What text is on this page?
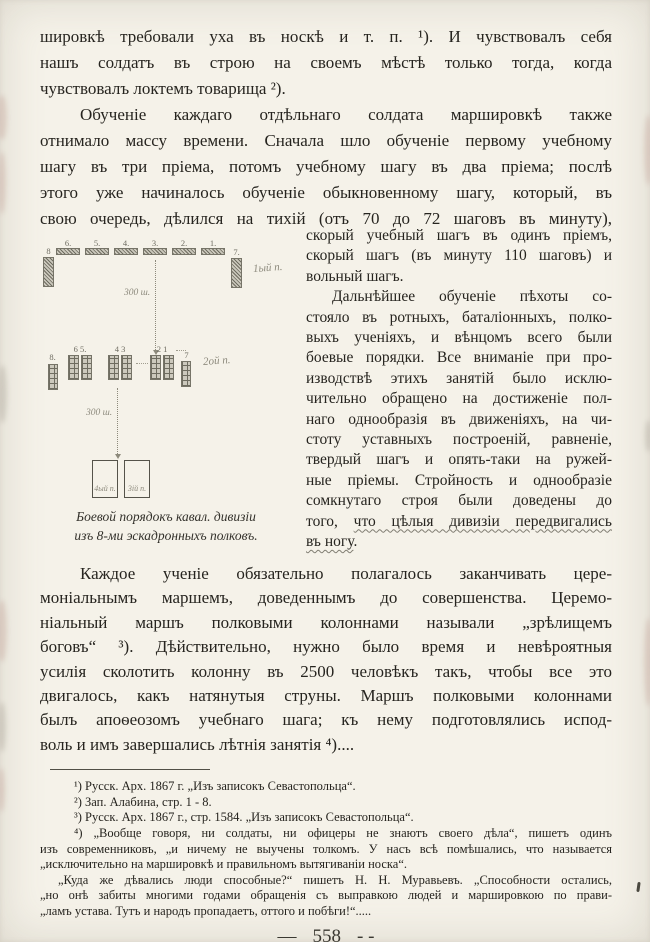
шировкѣ требовали уха въ носкѣ и т. п. ¹). И чувствовалъ себя
нашъ солдатъ въ строю на своемъ мѣстѣ только тогда, когда
чувствовалъ локтемъ товарища ²).
Обученіе каждаго отдѣльнаго солдата маршировкѣ также
отнимало массу времени. Сначала шло обученіе первому учебному
шагу въ три пріема, потомъ учебному шагу въ два пріема; послѣ
этого уже начиналось обученіе обыкновенному шагу, который, въ
свою очередь, дѣлился на тихій (отъ 70 до 72 шаговъ въ минуту),
8
6.	5.	4.	3.	2.	1.
7.
1ый п.
300 ш.
8.
6 5.	4 3	2 1
7	2ой п.
300 ш.
4ый п.	3ій п.
Боевой порядокъ кавал. дивизіи
изъ 8-ми эскадронныхъ полковъ.
скорый учебный шагъ въ одинъ пріемъ,
скорый шагъ (въ минуту 110 шаговъ) и
вольный шагъ.
Дальнѣйшее обученіе пѣхоты со-
стояло въ ротныхъ, баталіонныхъ, полко-
выхъ ученіяхъ, и вѣнцомъ всего были
боевые порядки. Все вниманіе при про-
изводствѣ этихъ занятій было исклю-
чительно обращено на достиженіе пол-
наго однообразія въ движеніяхъ, на чи-
стоту уставныхъ построеній, равненіе,
твердый шагъ и опять-таки на ружей-
ные пріемы. Стройность и однообразіе
сомкнутаго строя были доведены до
того, что цѣлыя дивизіи передвигались
въ ногу.
Каждое ученіе обязательно полагалось заканчивать цере-
моніальнымъ маршемъ, доведеннымъ до совершенства. Церемо-
ніальный маршъ полковыми колоннами называли „зрѣлищемъ
боговъ“ ³). Дѣйствительно, нужно было время и невѣроятныя
усилія сколотить колонну въ 2500 человѣкъ такъ, чтобы все это
двигалось, какъ натянутыя струны. Маршъ полковыми колоннами
былъ апоѳеозомъ учебнаго шага; къ нему подготовлялись испод-
воль и имъ завершались лѣтнія занятія ⁴)....
¹) Русск. Арх. 1867 г. „Изъ записокъ Севастопольца“.
²) Зап. Алабина, стр. 1 - 8.
³) Русск. Арх. 1867 г., стр. 1584. „Изъ записокъ Севастопольца“.
⁴) „Вообще говоря, ни солдаты, ни офицеры не знаютъ своего дѣла“, пишетъ одинъ
изъ современниковъ, „и ничему не выучены толкомъ. У насъ всѣ помѣшались, что называется
„исключительно на маршировкѣ и правильномъ вытягиваніи носка“.
„Куда же дѣвались люди способные?“ пишетъ Н. Н. Муравьевъ. „Способности остались,
„но онѣ забиты многими годами обращенія съ выправкою людей и маршировкою по прави-
„ламъ устава. Тутъ и народъ пропадаетъ, оттого и побѣги!“.....
— 558 - -
